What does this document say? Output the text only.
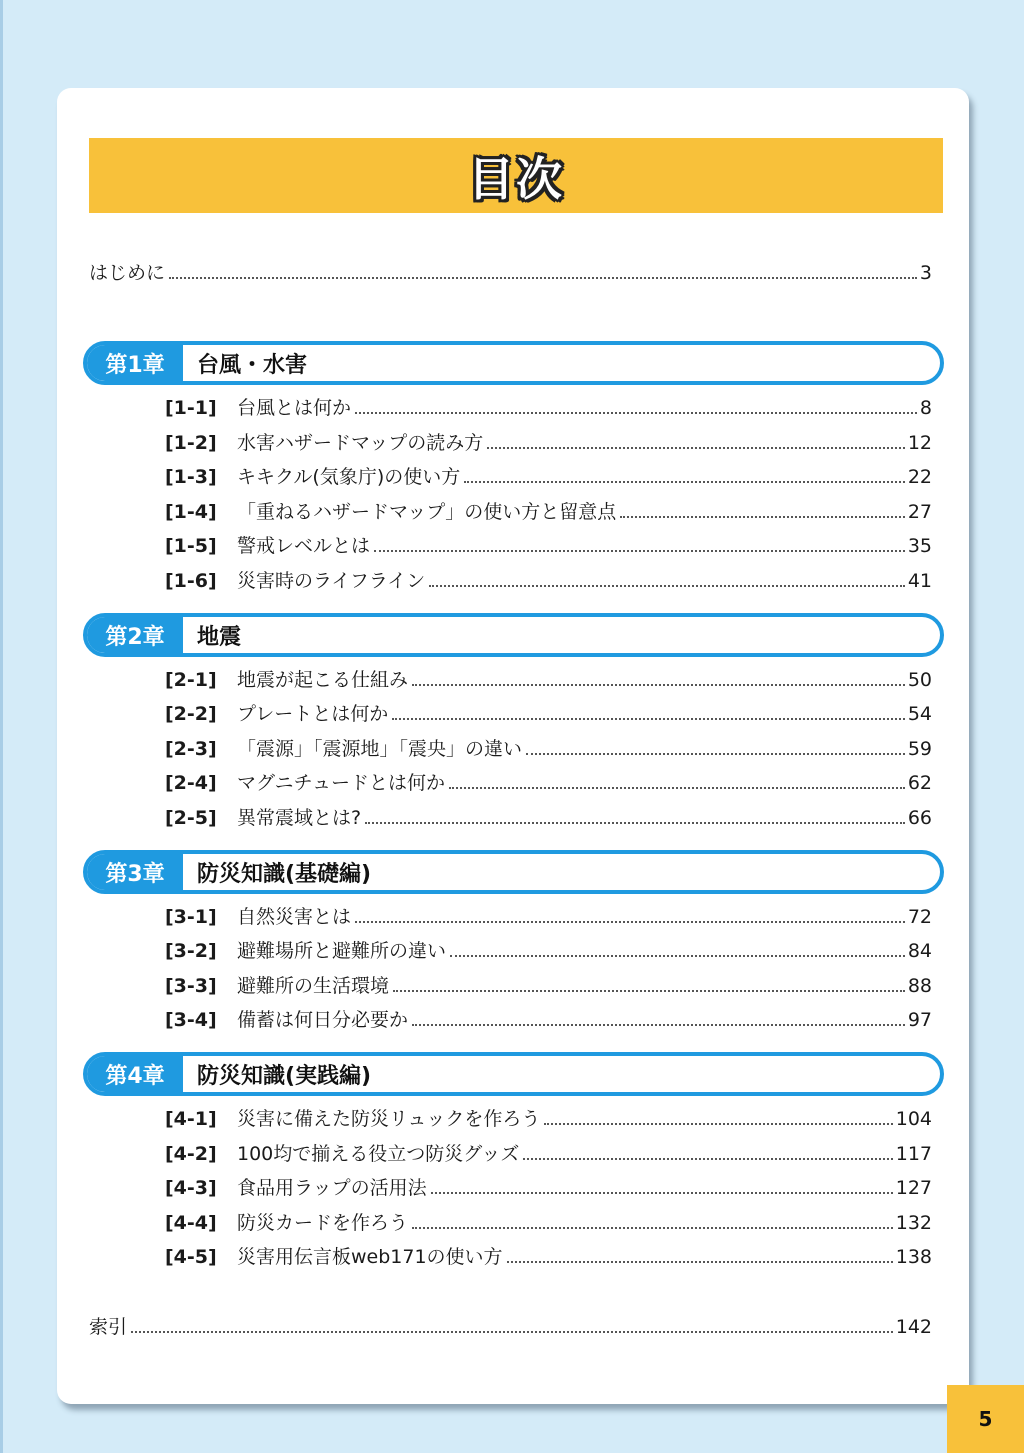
目次
はじめに	3
第1章	台風・水害
[1-1] 台風とは何か	8
[1-2] 水害ハザードマップの読み方	12
[1-3] キキクル(気象庁)の使い方	22
[1-4] 「重ねるハザードマップ」の使い方と留意点	27
[1-5] 警戒レベルとは	35
[1-6] 災害時のライフライン	41
第2章	地震
[2-1] 地震が起こる仕組み	50
[2-2] プレートとは何か	54
[2-3] 「震源」「震源地」「震央」の違い	59
[2-4] マグニチュードとは何か	62
[2-5] 異常震域とは?	66
第3章	防災知識(基礎編)
[3-1] 自然災害とは	72
[3-2] 避難場所と避難所の違い	84
[3-3] 避難所の生活環境	88
[3-4] 備蓄は何日分必要か	97
第4章	防災知識(実践編)
[4-1] 災害に備えた防災リュックを作ろう	104
[4-2] 100均で揃える役立つ防災グッズ	117
[4-3] 食品用ラップの活用法	127
[4-4] 防災カードを作ろう	132
[4-5] 災害用伝言板web171の使い方	138
索引	142
5
